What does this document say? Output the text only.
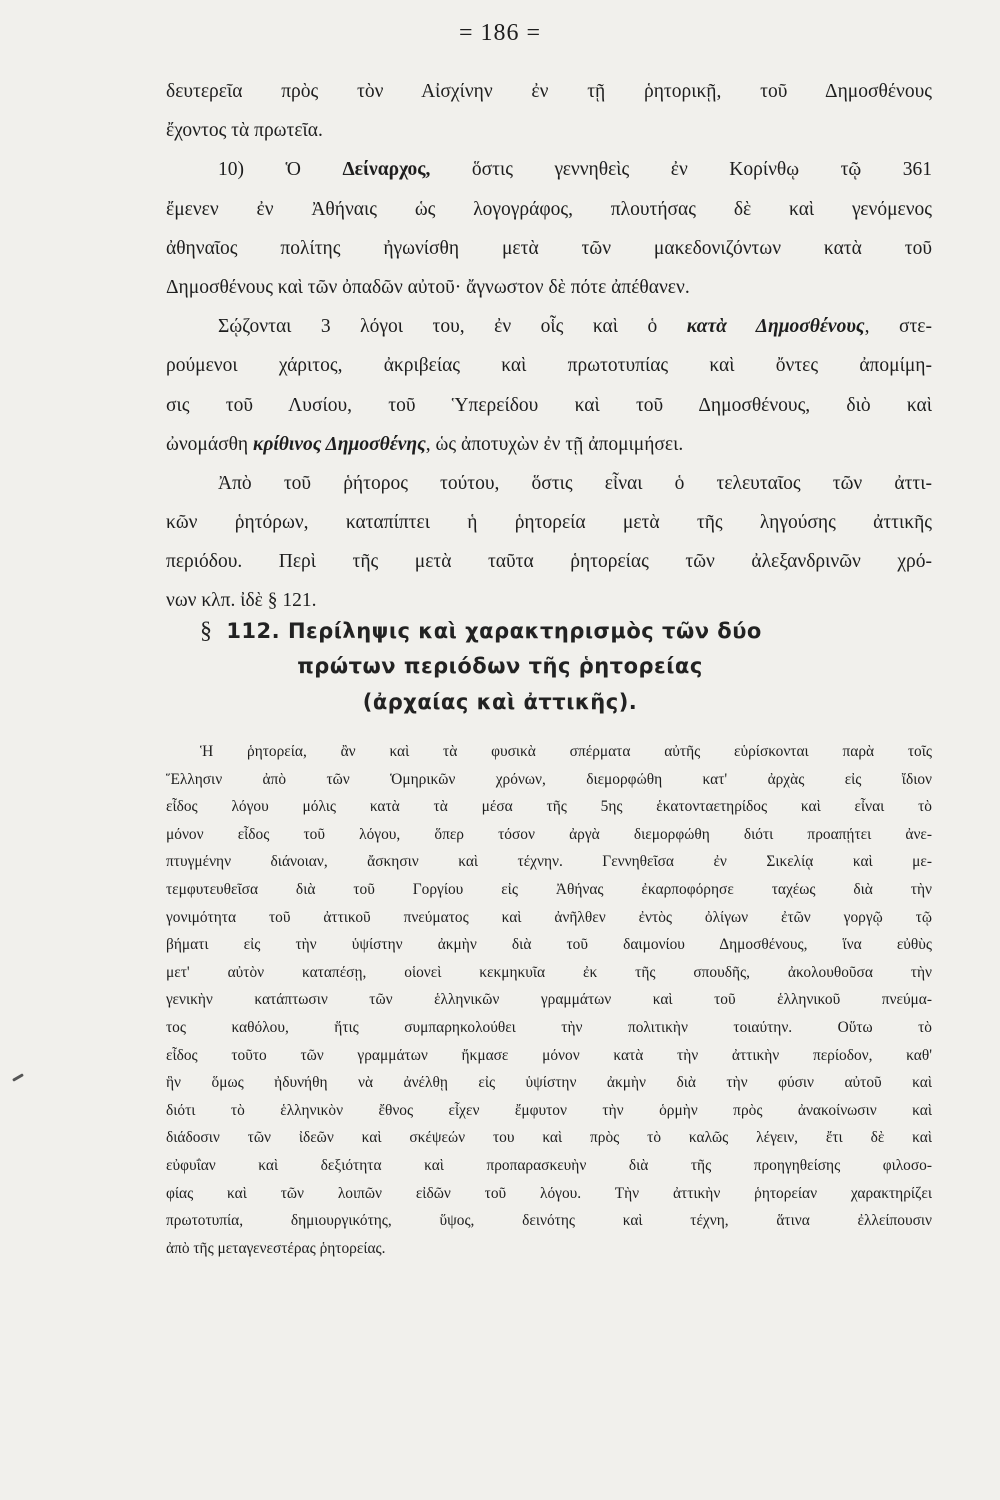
= 186 =
δευτερεῖα πρὸς τὸν Αἰσχίνην ἐν τῇ ῥητορικῇ, τοῦ Δημοσθένους
ἔχοντος τὰ πρωτεῖα.
10) Ὁ Δείναρχος, ὅστις γεννηθεὶς ἐν Κορίνθῳ τῷ 361
ἔμενεν ἐν Ἀθήναις ὡς λογογράφος, πλουτήσας δὲ καὶ γενόμενος
ἀθηναῖος πολίτης ἠγωνίσθη μετὰ τῶν μακεδονιζόντων κατὰ τοῦ
Δημοσθένους καὶ τῶν ὀπαδῶν αὐτοῦ· ἄγνωστον δὲ πότε ἀπέθανεν.
Σῴζονται 3 λόγοι του, ἐν οἷς καὶ ὁ κατὰ Δημοσθένους, στε-
ρούμενοι χάριτος, ἀκριβείας καὶ πρωτοτυπίας καὶ ὄντες ἀπομίμη-
σις τοῦ Λυσίου, τοῦ Ὑπερείδου καὶ τοῦ Δημοσθένους, διὸ καὶ
ὠνομάσθη κρίθινος Δημοσθένης, ὡς ἀποτυχὼν ἐν τῇ ἀπομιμήσει.
Ἀπὸ τοῦ ῥήτορος τούτου, ὅστις εἶναι ὁ τελευταῖος τῶν ἀττι-
κῶν ῥητόρων, καταπίπτει ἡ ῥητορεία μετὰ τῆς ληγούσης ἀττικῆς
περιόδου. Περὶ τῆς μετὰ ταῦτα ῥητορείας τῶν ἀλεξανδρινῶν χρό-
νων κλπ. ἰδὲ § 121.
§ 112. Περίληψις καὶ χαρακτηρισμὸς τῶν δύο
πρώτων περιόδων τῆς ῥητορείας
(ἀρχαίας καὶ ἀττικῆς).
Ἡ ῥητορεία, ἂν καὶ τὰ φυσικὰ σπέρματα αὐτῆς εὑρίσκονται παρὰ τοῖς
Ἕλλησιν ἀπὸ τῶν Ὁμηρικῶν χρόνων, διεμορφώθη κατ' ἀρχὰς εἰς ἴδιον
εἶδος λόγου μόλις κατὰ τὰ μέσα τῆς 5ης ἑκατονταετηρίδος καὶ εἶναι τὸ
μόνον εἶδος τοῦ λόγου, ὅπερ τόσον ἀργὰ διεμορφώθη διότι προαπῄτει ἀνε-
πτυγμένην διάνοιαν, ἄσκησιν καὶ τέχνην. Γεννηθεῖσα ἐν Σικελίᾳ καὶ με-
τεμφυτευθεῖσα διὰ τοῦ Γοργίου εἰς Ἀθήνας ἐκαρποφόρησε ταχέως διὰ τὴν
γονιμότητα τοῦ ἀττικοῦ πνεύματος καὶ ἀνῆλθεν ἐντὸς ὀλίγων ἐτῶν γοργῷ τῷ
βήματι εἰς τὴν ὑψίστην ἀκμὴν διὰ τοῦ δαιμονίου Δημοσθένους, ἵνα εὐθὺς
μετ' αὐτὸν καταπέσῃ, οἱονεὶ κεκμηκυῖα ἐκ τῆς σπουδῆς, ἀκολουθοῦσα τὴν
γενικὴν κατάπτωσιν τῶν ἑλληνικῶν γραμμάτων καὶ τοῦ ἑλληνικοῦ πνεύμα-
τος καθόλου, ἥτις συμπαρηκολούθει τὴν πολιτικὴν τοιαύτην. Οὕτω τὸ
εἶδος τοῦτο τῶν γραμμάτων ἤκμασε μόνον κατὰ τὴν ἀττικὴν περίοδον, καθ'
ἣν ὅμως ἠδυνήθη νὰ ἀνέλθῃ εἰς ὑψίστην ἀκμὴν διὰ τὴν φύσιν αὐτοῦ καὶ
διότι τὸ ἑλληνικὸν ἔθνος εἶχεν ἔμφυτον τὴν ὁρμὴν πρὸς ἀνακοίνωσιν καὶ
διάδοσιν τῶν ἰδεῶν καὶ σκέψεών του καὶ πρὸς τὸ καλῶς λέγειν, ἔτι δὲ καὶ
εὐφυΐαν καὶ δεξιότητα καὶ προπαρασκευὴν διὰ τῆς προηγηθείσης φιλοσο-
φίας καὶ τῶν λοιπῶν εἰδῶν τοῦ λόγου. Τὴν ἀττικὴν ῥητορείαν χαρακτηρίζει
πρωτοτυπία, δημιουργικότης, ὕψος, δεινότης καὶ τέχνη, ἅτινα ἐλλείπουσιν
ἀπὸ τῆς μεταγενεστέρας ῥητορείας.
